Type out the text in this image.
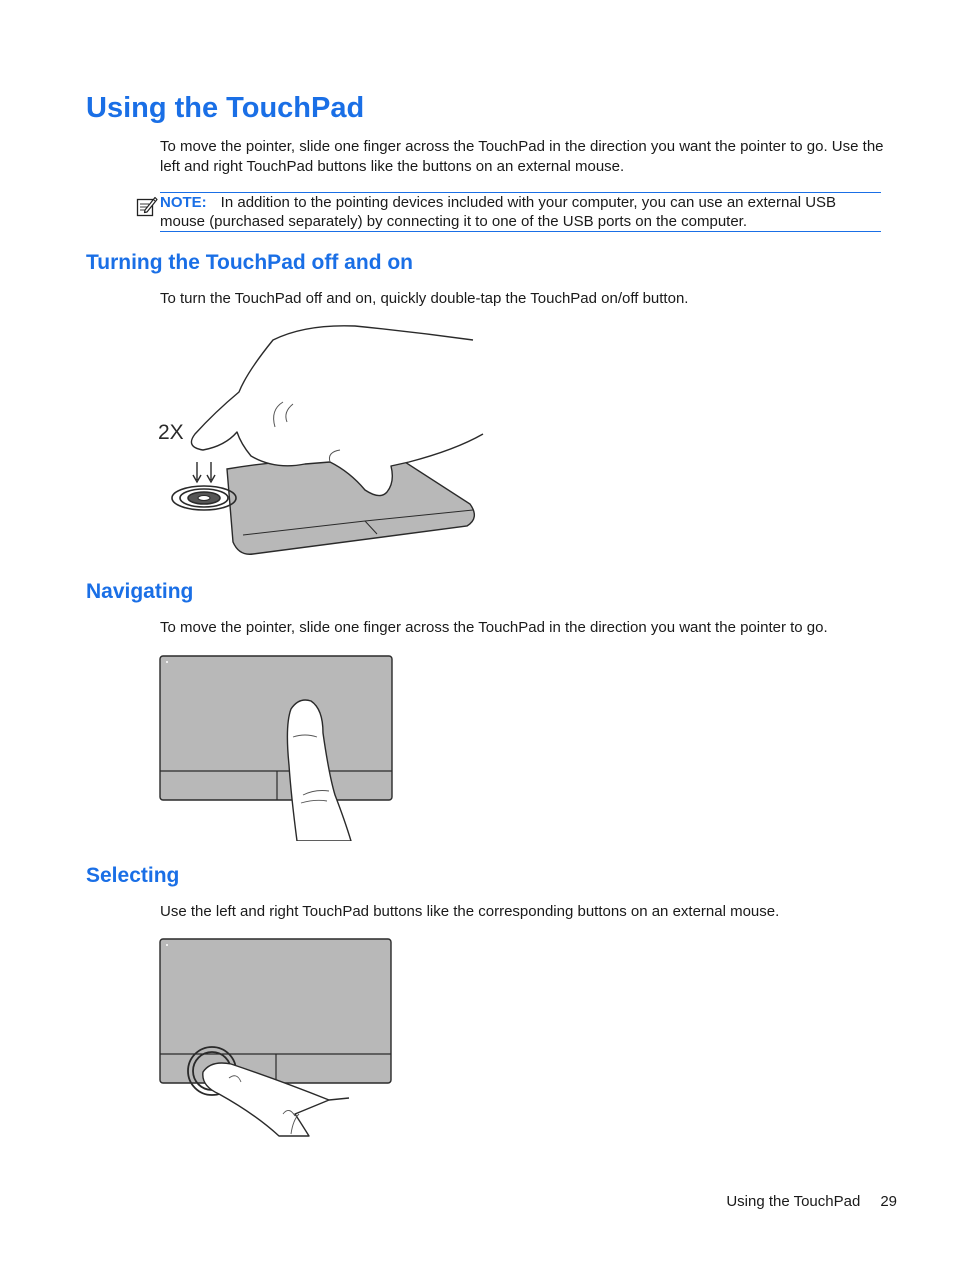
Using the TouchPad

To move the pointer, slide one finger across the TouchPad in the direction you want the pointer to go. Use the left and right TouchPad buttons like the buttons on an external mouse.

NOTE: In addition to the pointing devices included with your computer, you can use an external USB mouse (purchased separately) by connecting it to one of the USB ports on the computer.
Turning the TouchPad off and on

To turn the TouchPad off and on, quickly double-tap the TouchPad on/off button.

2X
Navigating

To move the pointer, slide one finger across the TouchPad in the direction you want the pointer to go.

Selecting

Use the left and right TouchPad buttons like the corresponding buttons on an external mouse.

Using the TouchPad 29
